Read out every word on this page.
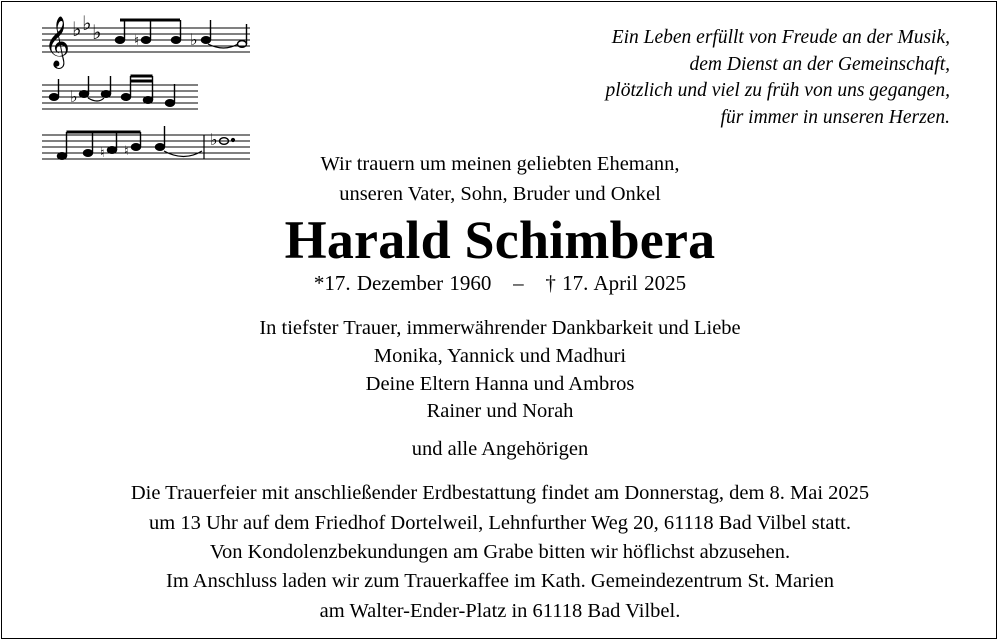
𝄞 ♭ ♭ ♭ ♮	♭
♭
♮ ♮
♭
Ein Leben erfüllt von Freude an der Musik,
dem Dienst an der Gemeinschaft,
plötzlich und viel zu früh von uns gegangen,
für immer in unseren Herzen.
Wir trauern um meinen geliebten Ehemann,
unseren Vater, Sohn, Bruder und Onkel
Harald Schimbera
*17. Dezember 1960 – † 17. April 2025
In tiefster Trauer, immerwährender Dankbarkeit und Liebe
Monika, Yannick und Madhuri
Deine Eltern Hanna und Ambros
Rainer und Norah
und alle Angehörigen
Die Trauerfeier mit anschließender Erdbestattung findet am Donnerstag, dem 8. Mai 2025
um 13 Uhr auf dem Friedhof Dortelweil, Lehnfurther Weg 20, 61118 Bad Vilbel statt.
Von Kondolenzbekundungen am Grabe bitten wir höflichst abzusehen.
Im Anschluss laden wir zum Trauerkaffee im Kath. Gemeindezentrum St. Marien
am Walter-Ender-Platz in 61118 Bad Vilbel.
